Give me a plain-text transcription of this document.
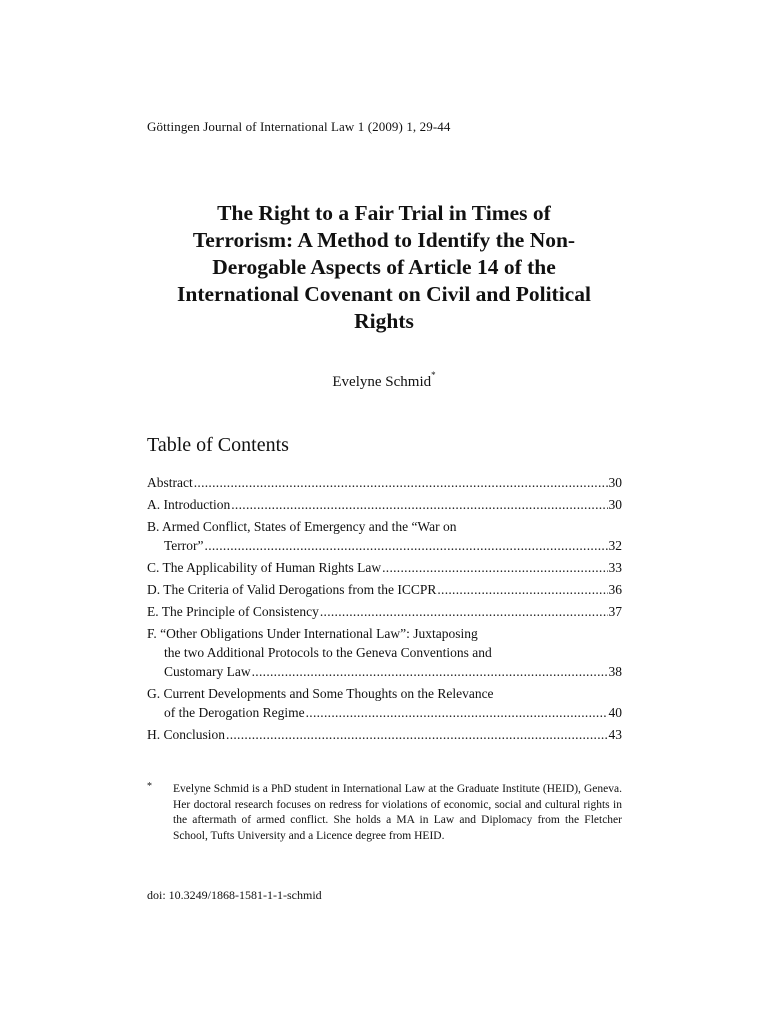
Göttingen Journal of International Law 1 (2009) 1, 29-44
The Right to a Fair Trial in Times of
Terrorism: A Method to Identify the Non-
Derogable Aspects of Article 14 of the
International Covenant on Civil and Political
Rights
Evelyne Schmid*
Table of Contents
Abstract .....	30
A. Introduction .....	30
B. Armed Conflict, States of Emergency and the “War on
Terror” .....	32
C. The Applicability of Human Rights Law .....	33
D. The Criteria of Valid Derogations from the ICCPR .....	36
E. The Principle of Consistency .....	37
F. “Other Obligations Under International Law”: Juxtaposing
the two Additional Protocols to the Geneva Conventions and
Customary Law .....	38
G. Current Developments and Some Thoughts on the Relevance
of the Derogation Regime .....	40
H. Conclusion .....	43
*	Evelyne Schmid is a PhD student in International Law at the Graduate Institute (HEID), Geneva. Her doctoral research focuses on redress for violations of economic, social and cultural rights in the aftermath of armed conflict. She holds a MA in Law and Diplomacy from the Fletcher School, Tufts University and a Licence degree from HEID.
doi: 10.3249/1868-1581-1-1-schmid
